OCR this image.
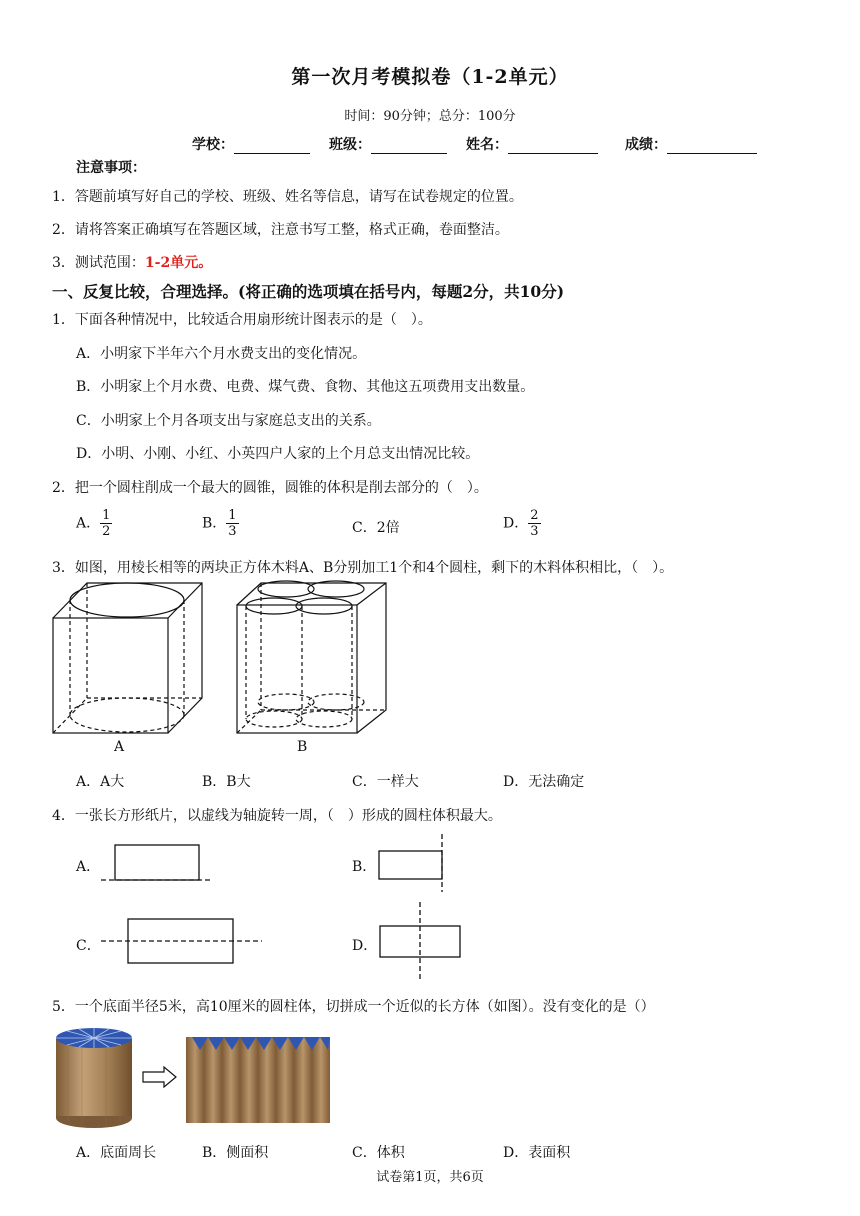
第一次月考模拟卷（1-2单元）
时间：90分钟；总分：100分
学校：	班级：	姓名：	成绩：
注意事项：
1．答题前填写好自己的学校、班级、姓名等信息，请写在试卷规定的位置。
2．请将答案正确填写在答题区域，注意书写工整，格式正确，卷面整洁。
3．测试范围：1-2单元。
一、反复比较，合理选择。(将正确的选项填在括号内，每题2分，共10分)
1．下面各种情况中，比较适合用扇形统计图表示的是（　）。
A．小明家下半年六个月水费支出的变化情况。
B．小明家上个月水费、电费、煤气费、食物、其他这五项费用支出数量。
C．小明家上个月各项支出与家庭总支出的关系。
D．小明、小刚、小红、小英四户人家的上个月总支出情况比较。
2．把一个圆柱削成一个最大的圆锥，圆锥的体积是削去部分的（　）。
A． $\frac{1}{2}$	B． $\frac{1}{3}$	C．2倍	D． $\frac{2}{3}$
3．如图，用棱长相等的两块正方体木料A、B分别加工1个和4个圆柱，剩下的木料体积相比，（　）。
A	B
A．A大	B．B大	C．一样大	D．无法确定
4．一张长方形纸片，以虚线为轴旋转一周，（　）形成的圆柱体积最大。
A．	B．
C．	D．
5．一个底面半径5米，高10厘米的圆柱体，切拼成一个近似的长方体（如图）。没有变化的是（）
A．底面周长	B．侧面积	C．体积	D．表面积
试卷第1页，共6页
